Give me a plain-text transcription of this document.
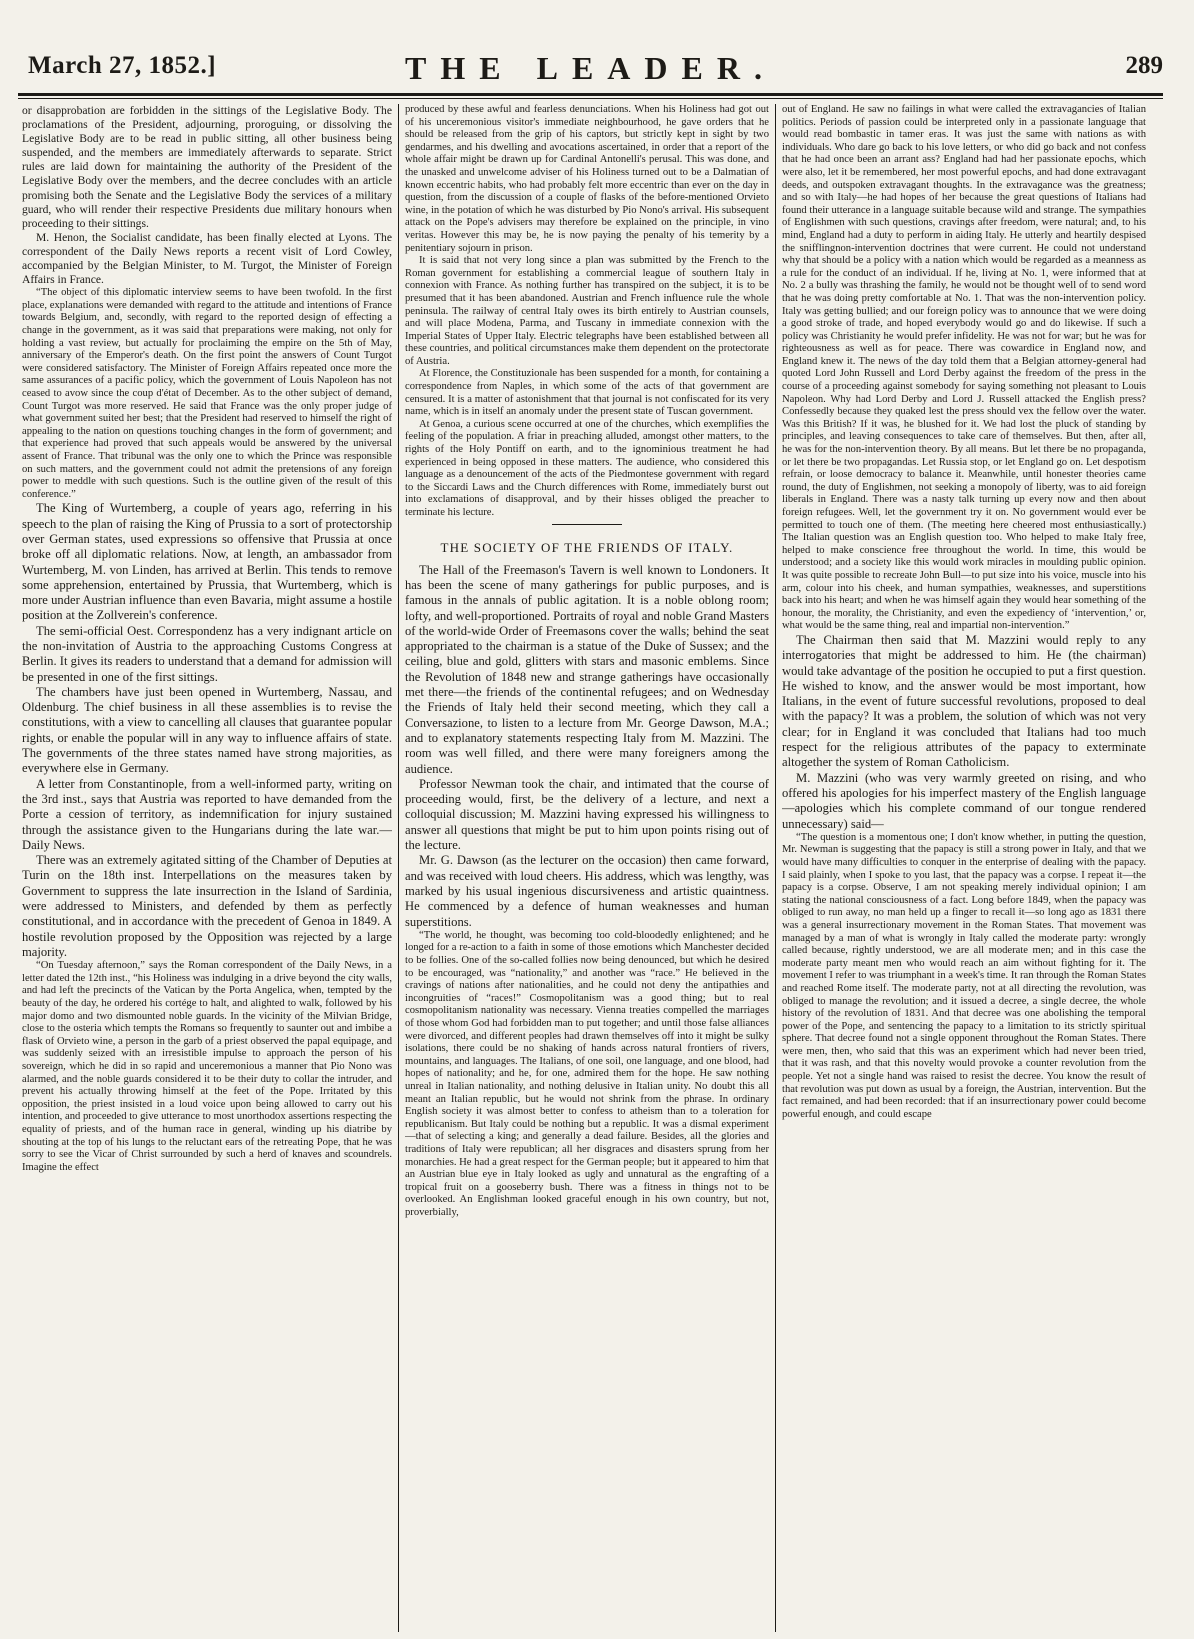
March 27, 1852.]	THE LEADER.	289

or disapprobation are forbidden in the sittings of the Legislative Body. The proclamations of the President, adjourning, proroguing, or dissolving the Legislative Body are to be read in public sitting, all other business being suspended, and the members are immediately afterwards to separate. Strict rules are laid down for maintaining the authority of the President of the Legislative Body over the members, and the decree concludes with an article promising both the Senate and the Legislative Body the services of a military guard, who will render their respective Presidents due military honours when proceeding to their sittings.

M. Henon, the Socialist candidate, has been finally elected at Lyons. The correspondent of the Daily News reports a recent visit of Lord Cowley, accompanied by the Belgian Minister, to M. Turgot, the Minister of Foreign Affairs in France.

“The object of this diplomatic interview seems to have been twofold. In the first place, explanations were demanded with regard to the attitude and intentions of France towards Belgium, and, secondly, with regard to the reported design of effecting a change in the government, as it was said that preparations were making, not only for holding a vast review, but actually for proclaiming the empire on the 5th of May, anniversary of the Emperor's death. On the first point the answers of Count Turgot were considered satisfactory. The Minister of Foreign Affairs repeated once more the same assurances of a pacific policy, which the government of Louis Napoleon has not ceased to avow since the coup d'état of December. As to the other subject of demand, Count Turgot was more reserved. He said that France was the only proper judge of what government suited her best; that the President had reserved to himself the right of appealing to the nation on questions touching changes in the form of government; and that experience had proved that such appeals would be answered by the universal assent of France. That tribunal was the only one to which the Prince was responsible on such matters, and the government could not admit the pretensions of any foreign power to meddle with such questions. Such is the outline given of the result of this conference.”

The King of Wurtemberg, a couple of years ago, referring in his speech to the plan of raising the King of Prussia to a sort of protectorship over German states, used expressions so offensive that Prussia at once broke off all diplomatic relations. Now, at length, an ambassador from Wurtemberg, M. von Linden, has arrived at Berlin. This tends to remove some apprehension, entertained by Prussia, that Wurtemberg, which is more under Austrian influence than even Bavaria, might assume a hostile position at the Zollverein's conference.

The semi-official Oest. Correspondenz has a very indignant article on the non-invitation of Austria to the approaching Customs Congress at Berlin. It gives its readers to understand that a demand for admission will be presented in one of the first sittings.

The chambers have just been opened in Wurtemberg, Nassau, and Oldenburg. The chief business in all these assemblies is to revise the constitutions, with a view to cancelling all clauses that guarantee popular rights, or enable the popular will in any way to influence affairs of state. The governments of the three states named have strong majorities, as everywhere else in Germany.

A letter from Constantinople, from a well-informed party, writing on the 3rd inst., says that Austria was reported to have demanded from the Porte a cession of territory, as indemnification for injury sustained through the assistance given to the Hungarians during the late war.—Daily News.

There was an extremely agitated sitting of the Chamber of Deputies at Turin on the 18th inst. Interpellations on the measures taken by Government to suppress the late insurrection in the Island of Sardinia, were addressed to Ministers, and defended by them as perfectly constitutional, and in accordance with the precedent of Genoa in 1849. A hostile revolution proposed by the Opposition was rejected by a large majority.

“On Tuesday afternoon,” says the Roman correspondent of the Daily News, in a letter dated the 12th inst., “his Holiness was indulging in a drive beyond the city walls, and had left the precincts of the Vatican by the Porta Angelica, when, tempted by the beauty of the day, he ordered his cortége to halt, and alighted to walk, followed by his major domo and two dismounted noble guards. In the vicinity of the Milvian Bridge, close to the osteria which tempts the Romans so frequently to saunter out and imbibe a flask of Orvieto wine, a person in the garb of a priest observed the papal equipage, and was suddenly seized with an irresistible impulse to approach the person of his sovereign, which he did in so rapid and unceremonious a manner that Pio Nono was alarmed, and the noble guards considered it to be their duty to collar the intruder, and prevent his actually throwing himself at the feet of the Pope. Irritated by this opposition, the priest insisted in a loud voice upon being allowed to carry out his intention, and proceeded to give utterance to most unorthodox assertions respecting the equality of priests, and of the human race in general, winding up his diatribe by shouting at the top of his lungs to the reluctant ears of the retreating Pope, that he was sorry to see the Vicar of Christ surrounded by such a herd of knaves and scoundrels. Imagine the effect

produced by these awful and fearless denunciations. When his Holiness had got out of his unceremonious visitor's immediate neighbourhood, he gave orders that he should be released from the grip of his captors, but strictly kept in sight by two gendarmes, and his dwelling and avocations ascertained, in order that a report of the whole affair might be drawn up for Cardinal Antonelli's perusal. This was done, and the unasked and unwelcome adviser of his Holiness turned out to be a Dalmatian of known eccentric habits, who had probably felt more eccentric than ever on the day in question, from the discussion of a couple of flasks of the before-mentioned Orvieto wine, in the potation of which he was disturbed by Pio Nono's arrival. His subsequent attack on the Pope's advisers may therefore be explained on the principle, in vino veritas. However this may be, he is now paying the penalty of his temerity by a penitentiary sojourn in prison.

It is said that not very long since a plan was submitted by the French to the Roman government for establishing a commercial league of southern Italy in connexion with France. As nothing further has transpired on the subject, it is to be presumed that it has been abandoned. Austrian and French influence rule the whole peninsula. The railway of central Italy owes its birth entirely to Austrian counsels, and will place Modena, Parma, and Tuscany in immediate connexion with the Imperial States of Upper Italy. Electric telegraphs have been established between all these countries, and political circumstances make them dependent on the protectorate of Austria.

At Florence, the Constituzionale has been suspended for a month, for containing a correspondence from Naples, in which some of the acts of that government are censured. It is a matter of astonishment that that journal is not confiscated for its very name, which is in itself an anomaly under the present state of Tuscan government.

At Genoa, a curious scene occurred at one of the churches, which exemplifies the feeling of the population. A friar in preaching alluded, amongst other matters, to the rights of the Holy Pontiff on earth, and to the ignominious treatment he had experienced in being opposed in these matters. The audience, who considered this language as a denouncement of the acts of the Piedmontese government with regard to the Siccardi Laws and the Church differences with Rome, immediately burst out into exclamations of disapproval, and by their hisses obliged the preacher to terminate his lecture.

THE SOCIETY OF THE FRIENDS OF ITALY.

The Hall of the Freemason's Tavern is well known to Londoners. It has been the scene of many gatherings for public purposes, and is famous in the annals of public agitation. It is a noble oblong room; lofty, and well-proportioned. Portraits of royal and noble Grand Masters of the world-wide Order of Freemasons cover the walls; behind the seat appropriated to the chairman is a statue of the Duke of Sussex; and the ceiling, blue and gold, glitters with stars and masonic emblems. Since the Revolution of 1848 new and strange gatherings have occasionally met there—the friends of the continental refugees; and on Wednesday the Friends of Italy held their second meeting, which they call a Conversazione, to listen to a lecture from Mr. George Dawson, M.A.; and to explanatory statements respecting Italy from M. Mazzini. The room was well filled, and there were many foreigners among the audience.

Professor Newman took the chair, and intimated that the course of proceeding would, first, be the delivery of a lecture, and next a colloquial discussion; M. Mazzini having expressed his willingness to answer all questions that might be put to him upon points rising out of the lecture.

Mr. G. Dawson (as the lecturer on the occasion) then came forward, and was received with loud cheers. His address, which was lengthy, was marked by his usual ingenious discursiveness and artistic quaintness. He commenced by a defence of human weaknesses and human superstitions.

“The world, he thought, was becoming too cold-bloodedly enlightened; and he longed for a re-action to a faith in some of those emotions which Manchester decided to be follies. One of the so-called follies now being denounced, but which he desired to be encouraged, was “nationality,” and another was “race.” He believed in the cravings of nations after nationalities, and he could not deny the antipathies and incongruities of “races!” Cosmopolitanism was a good thing; but to real cosmopolitanism nationality was necessary. Vienna treaties compelled the marriages of those whom God had forbidden man to put together; and until those false alliances were divorced, and different peoples had drawn themselves off into it might be sulky isolations, there could be no shaking of hands across natural frontiers of rivers, mountains, and languages. The Italians, of one soil, one language, and one blood, had hopes of nationality; and he, for one, admired them for the hope. He saw nothing unreal in Italian nationality, and nothing delusive in Italian unity. No doubt this all meant an Italian republic, but he would not shrink from the phrase. In ordinary English society it was almost better to confess to atheism than to a toleration for republicanism. But Italy could be nothing but a republic. It was a dismal experiment—that of selecting a king; and generally a dead failure. Besides, all the glories and traditions of Italy were republican; all her disgraces and disasters sprung from her monarchies. He had a great respect for the German people; but it appeared to him that an Austrian blue eye in Italy looked as ugly and unnatural as the engrafting of a tropical fruit on a gooseberry bush. There was a fitness in things not to be overlooked. An Englishman looked graceful enough in his own country, but not, proverbially,

out of England. He saw no failings in what were called the extravagancies of Italian politics. Periods of passion could be interpreted only in a passionate language that would read bombastic in tamer eras. It was just the same with nations as with individuals. Who dare go back to his love letters, or who did go back and not confess that he had once been an arrant ass? England had had her passionate epochs, which were also, let it be remembered, her most powerful epochs, and had done extravagant deeds, and outspoken extravagant thoughts. In the extravagance was the greatness; and so with Italy—he had hopes of her because the great questions of Italians had found their utterance in a language suitable because wild and strange. The sympathies of Englishmen with such questions, cravings after freedom, were natural; and, to his mind, England had a duty to perform in aiding Italy. He utterly and heartily despised the snifflingnon-intervention doctrines that were current. He could not understand why that should be a policy with a nation which would be regarded as a meanness as a rule for the conduct of an individual. If he, living at No. 1, were informed that at No. 2 a bully was thrashing the family, he would not be thought well of to send word that he was doing pretty comfortable at No. 1. That was the non-intervention policy. Italy was getting bullied; and our foreign policy was to announce that we were doing a good stroke of trade, and hoped everybody would go and do likewise. If such a policy was Christianity he would prefer infidelity. He was not for war; but he was for righteousness as well as for peace. There was cowardice in England now, and England knew it. The news of the day told them that a Belgian attorney-general had quoted Lord John Russell and Lord Derby against the freedom of the press in the course of a proceeding against somebody for saying something not pleasant to Louis Napoleon. Why had Lord Derby and Lord J. Russell attacked the English press? Confessedly because they quaked lest the press should vex the fellow over the water. Was this British? If it was, he blushed for it. We had lost the pluck of standing by principles, and leaving consequences to take care of themselves. But then, after all, he was for the non-intervention theory. By all means. But let there be no propaganda, or let there be two propagandas. Let Russia stop, or let England go on. Let despotism refrain, or loose democracy to balance it. Meanwhile, until honester theories came round, the duty of Englishmen, not seeking a monopoly of liberty, was to aid foreign liberals in England. There was a nasty talk turning up every now and then about foreign refugees. Well, let the government try it on. No government would ever be permitted to touch one of them. (The meeting here cheered most enthusiastically.) The Italian question was an English question too. Who helped to make Italy free, helped to make conscience free throughout the world. In time, this would be understood; and a society like this would work miracles in moulding public opinion. It was quite possible to recreate John Bull—to put size into his voice, muscle into his arm, colour into his cheek, and human sympathies, weaknesses, and superstitions back into his heart; and when he was himself again they would hear something of the honour, the morality, the Christianity, and even the expediency of ‘intervention,’ or, what would be the same thing, real and impartial non-intervention.”

The Chairman then said that M. Mazzini would reply to any interrogatories that might be addressed to him. He (the chairman) would take advantage of the position he occupied to put a first question. He wished to know, and the answer would be most important, how Italians, in the event of future successful revolutions, proposed to deal with the papacy? It was a problem, the solution of which was not very clear; for in England it was concluded that Italians had too much respect for the religious attributes of the papacy to exterminate altogether the system of Roman Catholicism.

M. Mazzini (who was very warmly greeted on rising, and who offered his apologies for his imperfect mastery of the English language—apologies which his complete command of our tongue rendered unnecessary) said—

“The question is a momentous one; I don't know whether, in putting the question, Mr. Newman is suggesting that the papacy is still a strong power in Italy, and that we would have many difficulties to conquer in the enterprise of dealing with the papacy. I said plainly, when I spoke to you last, that the papacy was a corpse. I repeat it—the papacy is a corpse. Observe, I am not speaking merely individual opinion; I am stating the national consciousness of a fact. Long before 1849, when the papacy was obliged to run away, no man held up a finger to recall it—so long ago as 1831 there was a general insurrectionary movement in the Roman States. That movement was managed by a man of what is wrongly in Italy called the moderate party: wrongly called because, rightly understood, we are all moderate men; and in this case the moderate party meant men who would reach an aim without fighting for it. The movement I refer to was triumphant in a week's time. It ran through the Roman States and reached Rome itself. The moderate party, not at all directing the revolution, was obliged to manage the revolution; and it issued a decree, a single decree, the whole history of the revolution of 1831. And that decree was one abolishing the temporal power of the Pope, and sentencing the papacy to a limitation to its strictly spiritual sphere. That decree found not a single opponent throughout the Roman States. There were men, then, who said that this was an experiment which had never been tried, that it was rash, and that this novelty would provoke a counter revolution from the people. Yet not a single hand was raised to resist the decree. You know the result of that revolution was put down as usual by a foreign, the Austrian, intervention. But the fact remained, and had been recorded: that if an insurrectionary power could become powerful enough, and could escape
